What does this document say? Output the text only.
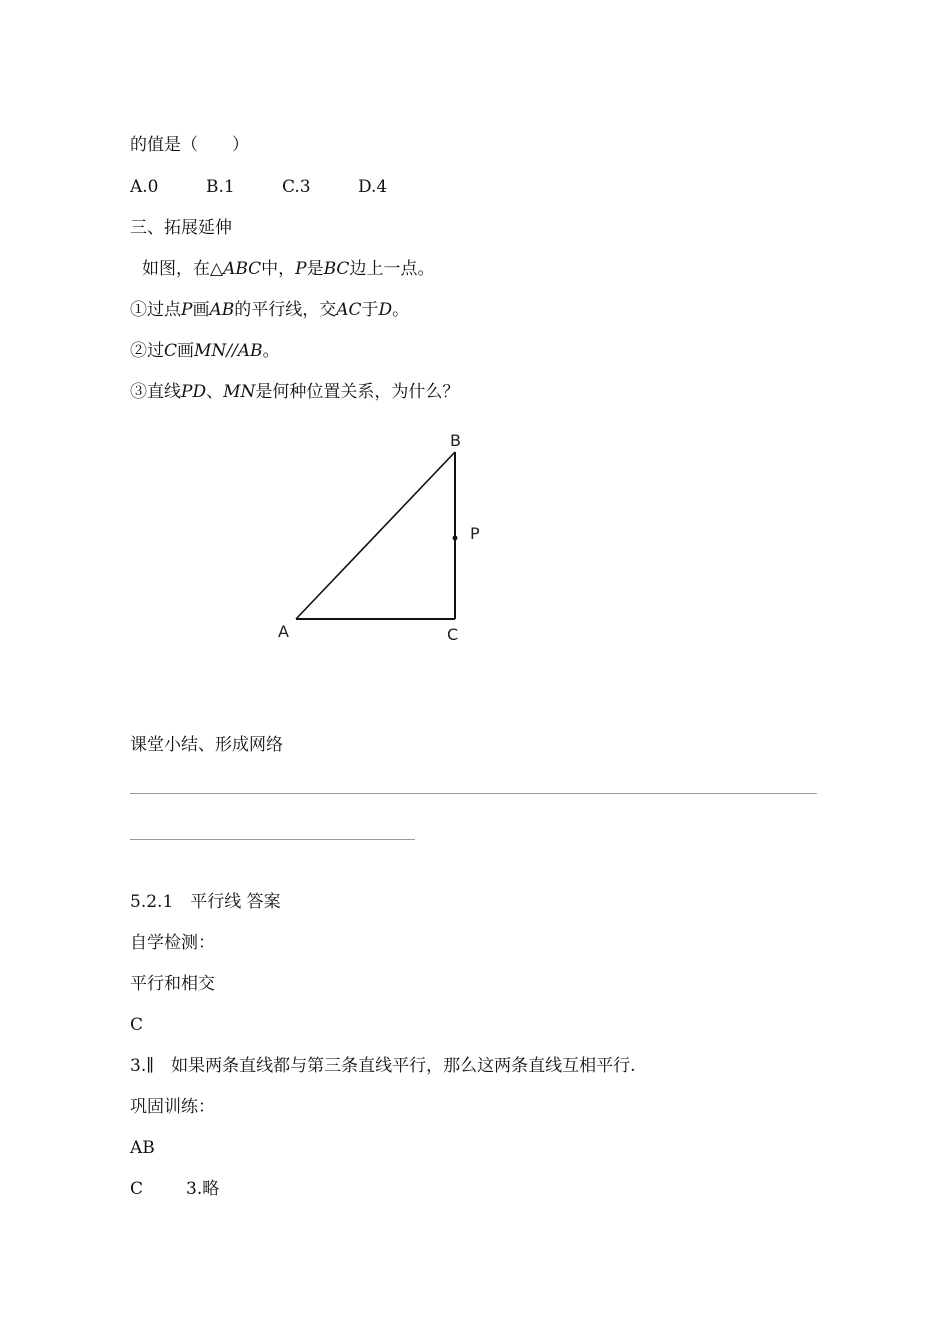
的值是（　　）
A.0	B.1	C.3	D.4
三、拓展延伸
如图，在△ABC中，P是BC边上一点。
①过点P画AB的平行线，交AC于D。
②过C画MN//AB。
③直线PD、MN是何种位置关系，为什么？
B
P
A	C
课堂小结、形成网络
5.2.1　平行线 答案
自学检测：
平行和相交
C
3.∥　如果两条直线都与第三条直线平行，那么这两条直线互相平行.
巩固训练：
AB
C	3.略
